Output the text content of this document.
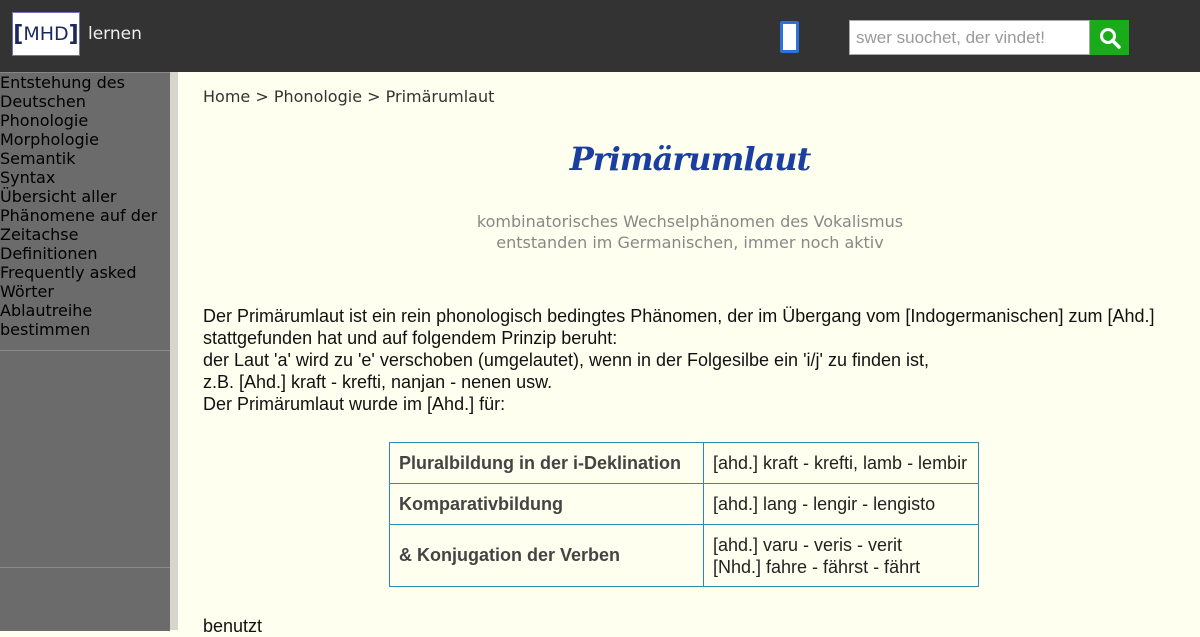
[ MHD ] lernen
swer suochet, der vindet!
Entstehung des Deutschen
Phonologie
Morphologie
Semantik
Syntax
Übersicht aller Phänomene auf der Zeitachse
Definitionen
Frequently asked Wörter
Ablautreihe bestimmen
Home > Phonologie > Primärumlaut
Primärumlaut
kombinatorisches Wechselphänomen des Vokalismus
entstanden im Germanischen, immer noch aktiv
Der Primärumlaut ist ein rein phonologisch bedingtes Phänomen, der im Übergang vom [Indogermanischen] zum [Ahd.] stattgefunden hat und auf folgendem Prinzip beruht:
der Laut 'a' wird zu 'e' verschoben (umgelautet), wenn in der Folgesilbe ein 'i/j' zu finden ist,
z.B. [Ahd.] kraft - krefti, nanjan - nenen usw.
Der Primärumlaut wurde im [Ahd.] für:
Pluralbildung in der i-Deklination	[ahd.] kraft - krefti, lamb - lembir
Komparativbildung	[ahd.] lang - lengir - lengisto
& Konjugation der Verben	[ahd.] varu - veris - verit
[Nhd.] fahre - fährst - fährt
benutzt
